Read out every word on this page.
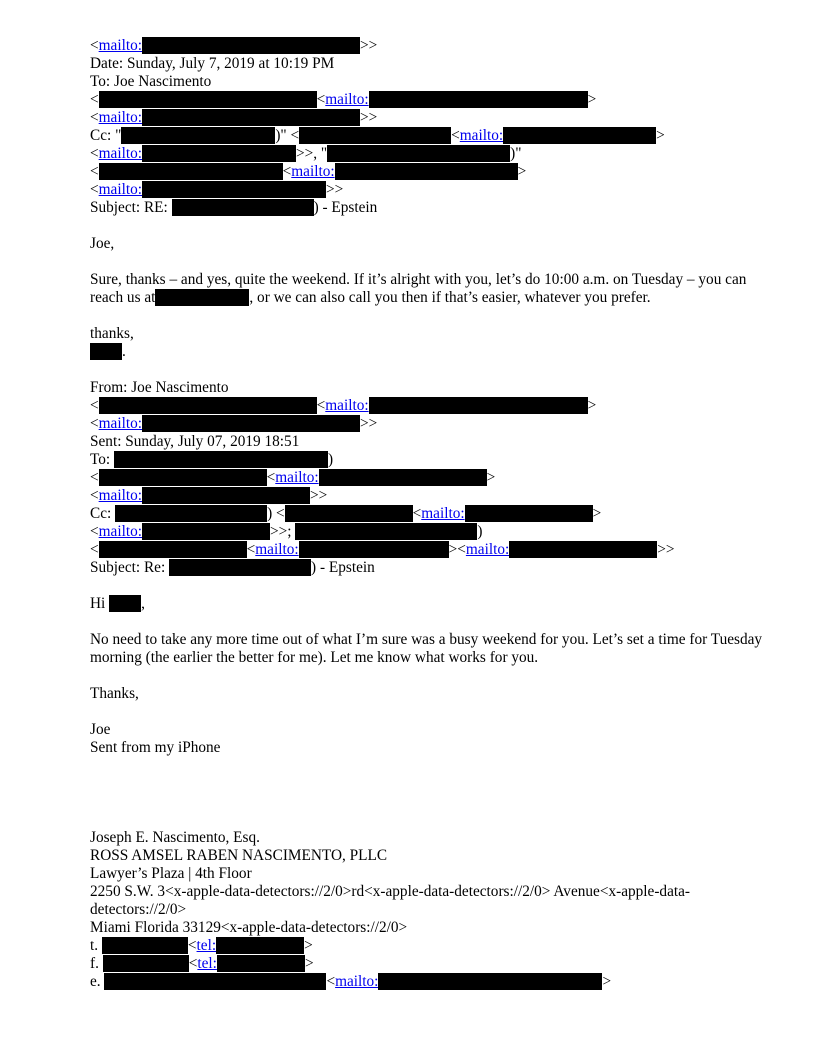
<mailto:	>>
Date: Sunday, July 7, 2019 at 10:19 PM
To: Joe Nascimento
<	<mailto:	>
<mailto:	>>
Cc: "	)" <	<mailto:	>
<mailto:	>>, "	)"
<	<mailto:	>
<mailto:	>>
Subject: RE:	) - Epstein
Joe,
Sure, thanks – and yes, quite the weekend. If it’s alright with you, let’s do 10:00 a.m. on Tuesday – you can reach us at	, or we can also call you then if that’s easier, whatever you prefer.
thanks,
.
From: Joe Nascimento
<	<mailto:	>
<mailto:	>>
Sent: Sunday, July 07, 2019 18:51
To:	)
<	<mailto:	>
<mailto:	>>
Cc:	) <	<mailto:	>
<mailto:	>>;	)
<	<mailto:	><mailto:	>>
Subject: Re:	) - Epstein
Hi ,
No need to take any more time out of what I’m sure was a busy weekend for you. Let’s set a time for Tuesday morning (the earlier the better for me). Let me know what works for you.
Thanks,
Joe
Sent from my iPhone
Joseph E. Nascimento, Esq.
ROSS AMSEL RABEN NASCIMENTO, PLLC
Lawyer’s Plaza | 4th Floor
2250 S.W. 3<x-apple-data-detectors://2/0>rd<x-apple-data-detectors://2/0> Avenue<x-apple-data-detectors://2/0>
Miami Florida 33129<x-apple-data-detectors://2/0>
t.	<tel:	>
f.	<tel:	>
e.	<mailto:	>
